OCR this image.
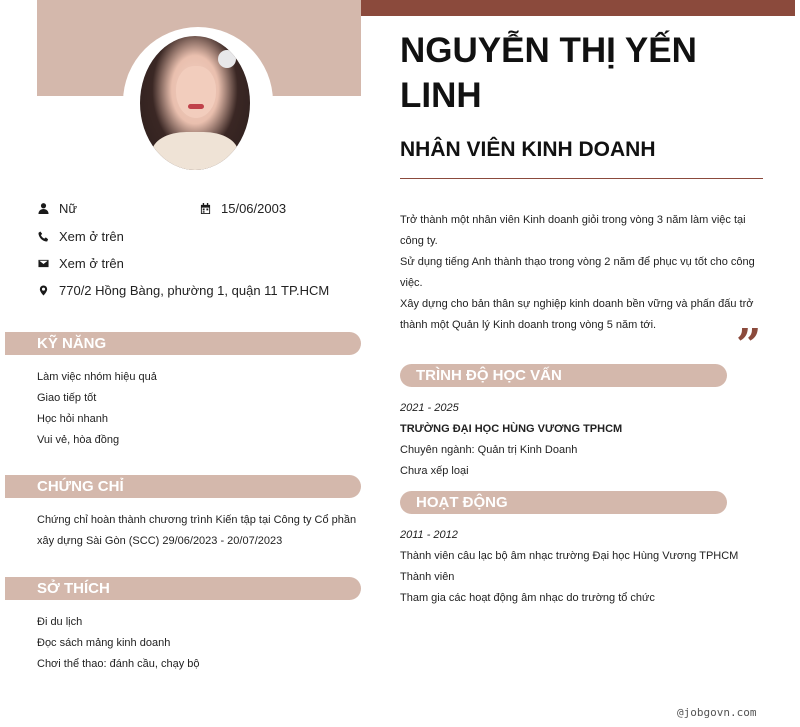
Nữ	15/06/2003
Xem ở trên
Xem ở trên
770/2 Hồng Bàng, phường 1, quận 11 TP.HCM
KỸ NĂNG
Làm việc nhóm hiệu quả
Giao tiếp tốt
Học hỏi nhanh
Vui vẻ, hòa đồng
CHỨNG CHỈ
Chứng chỉ hoàn thành chương trình Kiến tập tại Công ty Cổ phần
xây dựng Sài Gòn (SCC) 29/06/2023 - 20/07/2023
SỞ THÍCH
Đi du lịch
Đọc sách mảng kinh doanh
Chơi thể thao: đánh cầu, chạy bộ
NGUYỄN THỊ YẾN LINH
NHÂN VIÊN KINH DOANH
Trở thành một nhân viên Kinh doanh giỏi trong vòng 3 năm làm việc tại
công ty.
Sử dụng tiếng Anh thành thạo trong vòng 2 năm để phục vụ tốt cho công
việc.
Xây dựng cho bản thân sự nghiệp kinh doanh bền vững và phấn đấu trở
thành một Quản lý Kinh doanh trong vòng 5 năm tới.	”
TRÌNH ĐỘ HỌC VẤN
2021 - 2025
TRƯỜNG ĐẠI HỌC HÙNG VƯƠNG TPHCM
Chuyên ngành: Quản trị Kinh Doanh
Chưa xếp loại
HOẠT ĐỘNG
2011 - 2012
Thành viên câu lạc bộ âm nhạc trường Đại học Hùng Vương TPHCM
Thành viên
Tham gia các hoạt động âm nhạc do trường tổ chức
@jobgovn.com
